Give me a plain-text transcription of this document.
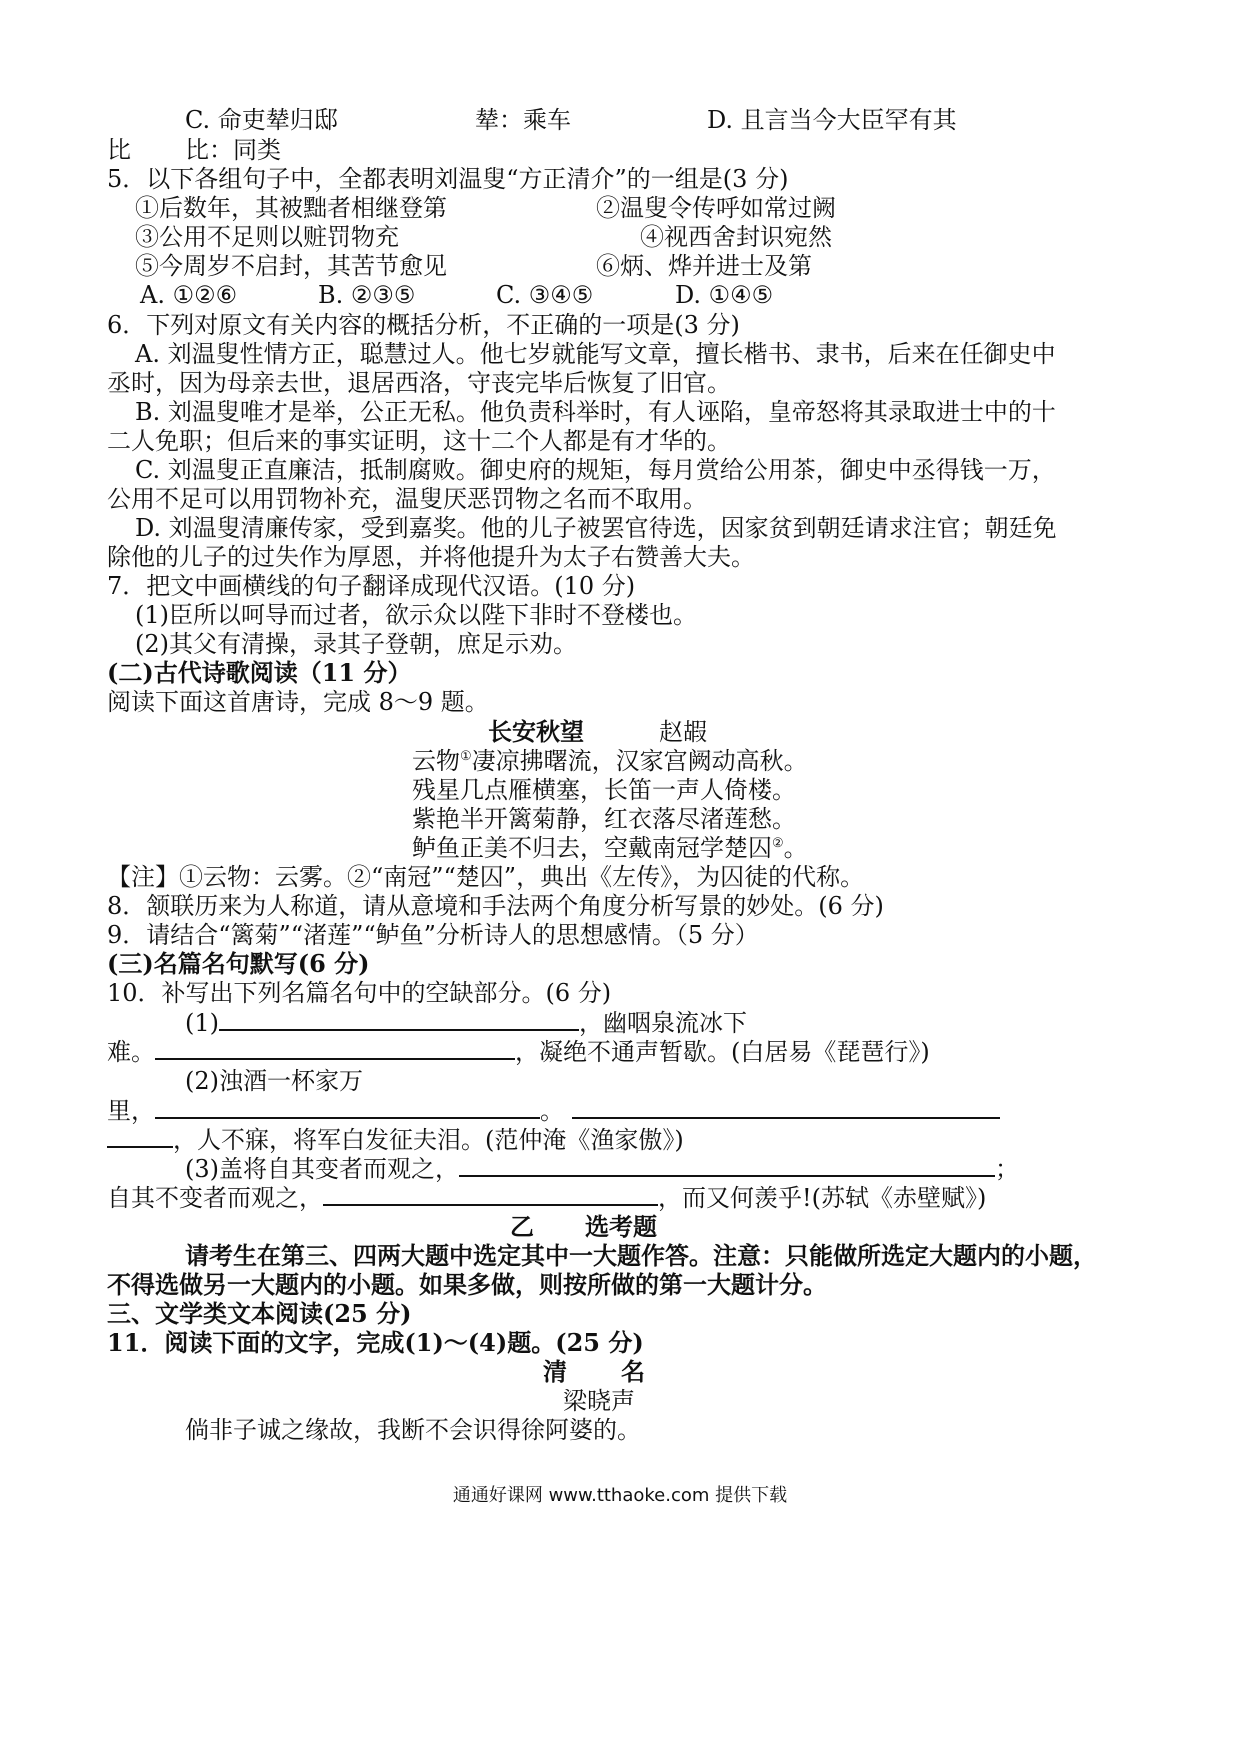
C. 命吏辇归邸	辇：乘车	D. 且言当今大臣罕有其
比 比：同类
5．以下各组句子中，全都表明刘温叟“方正清介”的一组是(3 分)
①后数年，其被黜者相继登第	②温叟令传呼如常过阙
③公用不足则以赃罚物充	④视西舍封识宛然
⑤今周岁不启封，其苦节愈见	⑥炳、烨并进士及第
A. ①②⑥	B. ②③⑤	C. ③④⑤	D. ①④⑤
6．下列对原文有关内容的概括分析，不正确的一项是(3 分)
A. 刘温叟性情方正，聪慧过人。他七岁就能写文章，擅长楷书、隶书，后来在任御史中
丞时，因为母亲去世，退居西洛，守丧完毕后恢复了旧官。
B. 刘温叟唯才是举，公正无私。他负责科举时，有人诬陷，皇帝怒将其录取进士中的十
二人免职；但后来的事实证明，这十二个人都是有才华的。
C. 刘温叟正直廉洁，抵制腐败。御史府的规矩，每月赏给公用茶，御史中丞得钱一万，
公用不足可以用罚物补充，温叟厌恶罚物之名而不取用。
D. 刘温叟清廉传家，受到嘉奖。他的儿子被罢官待选，因家贫到朝廷请求注官；朝廷免
除他的儿子的过失作为厚恩，并将他提升为太子右赞善大夫。
7．把文中画横线的句子翻译成现代汉语。(10 分)
(1)臣所以呵导而过者，欲示众以陛下非时不登楼也。
(2)其父有清操，录其子登朝，庶足示劝。
(二)古代诗歌阅读（11 分）
阅读下面这首唐诗，完成 8～9 题。
长安秋望	赵嘏
云物①凄凉拂曙流，汉家宫阙动高秋。
残星几点雁横塞，长笛一声人倚楼。
紫艳半开篱菊静，红衣落尽渚莲愁。
鲈鱼正美不归去，空戴南冠学楚囚②。
【注】①云物：云雾。②“南冠”“楚囚”，典出《左传》，为囚徒的代称。
8．颔联历来为人称道，请从意境和手法两个角度分析写景的妙处。(6 分)
9．请结合“篱菊”“渚莲”“鲈鱼”分析诗人的思想感情。（5 分）
(三)名篇名句默写(6 分)
10．补写出下列名篇名句中的空缺部分。(6 分)
(1)	，幽咽泉流冰下
难。	，凝绝不通声暂歇。(白居易《琵琶行》)
(2)浊酒一杯家万
里，	。
，人不寐，将军白发征夫泪。(范仲淹《渔家傲》)
(3)盖将自其变者而观之，	；
自其不变者而观之，	，而又何羡乎!(苏轼《赤壁赋》)
乙 选考题
请考生在第三、四两大题中选定其中一大题作答。注意：只能做所选定大题内的小题，
不得选做另一大题内的小题。如果多做，则按所做的第一大题计分。
三、文学类文本阅读(25 分)
11．阅读下面的文字，完成(1)～(4)题。(25 分)
清 名
梁晓声
倘非子诚之缘故，我断不会识得徐阿婆的。
通通好课网 www.tthaoke.com 提供下载
